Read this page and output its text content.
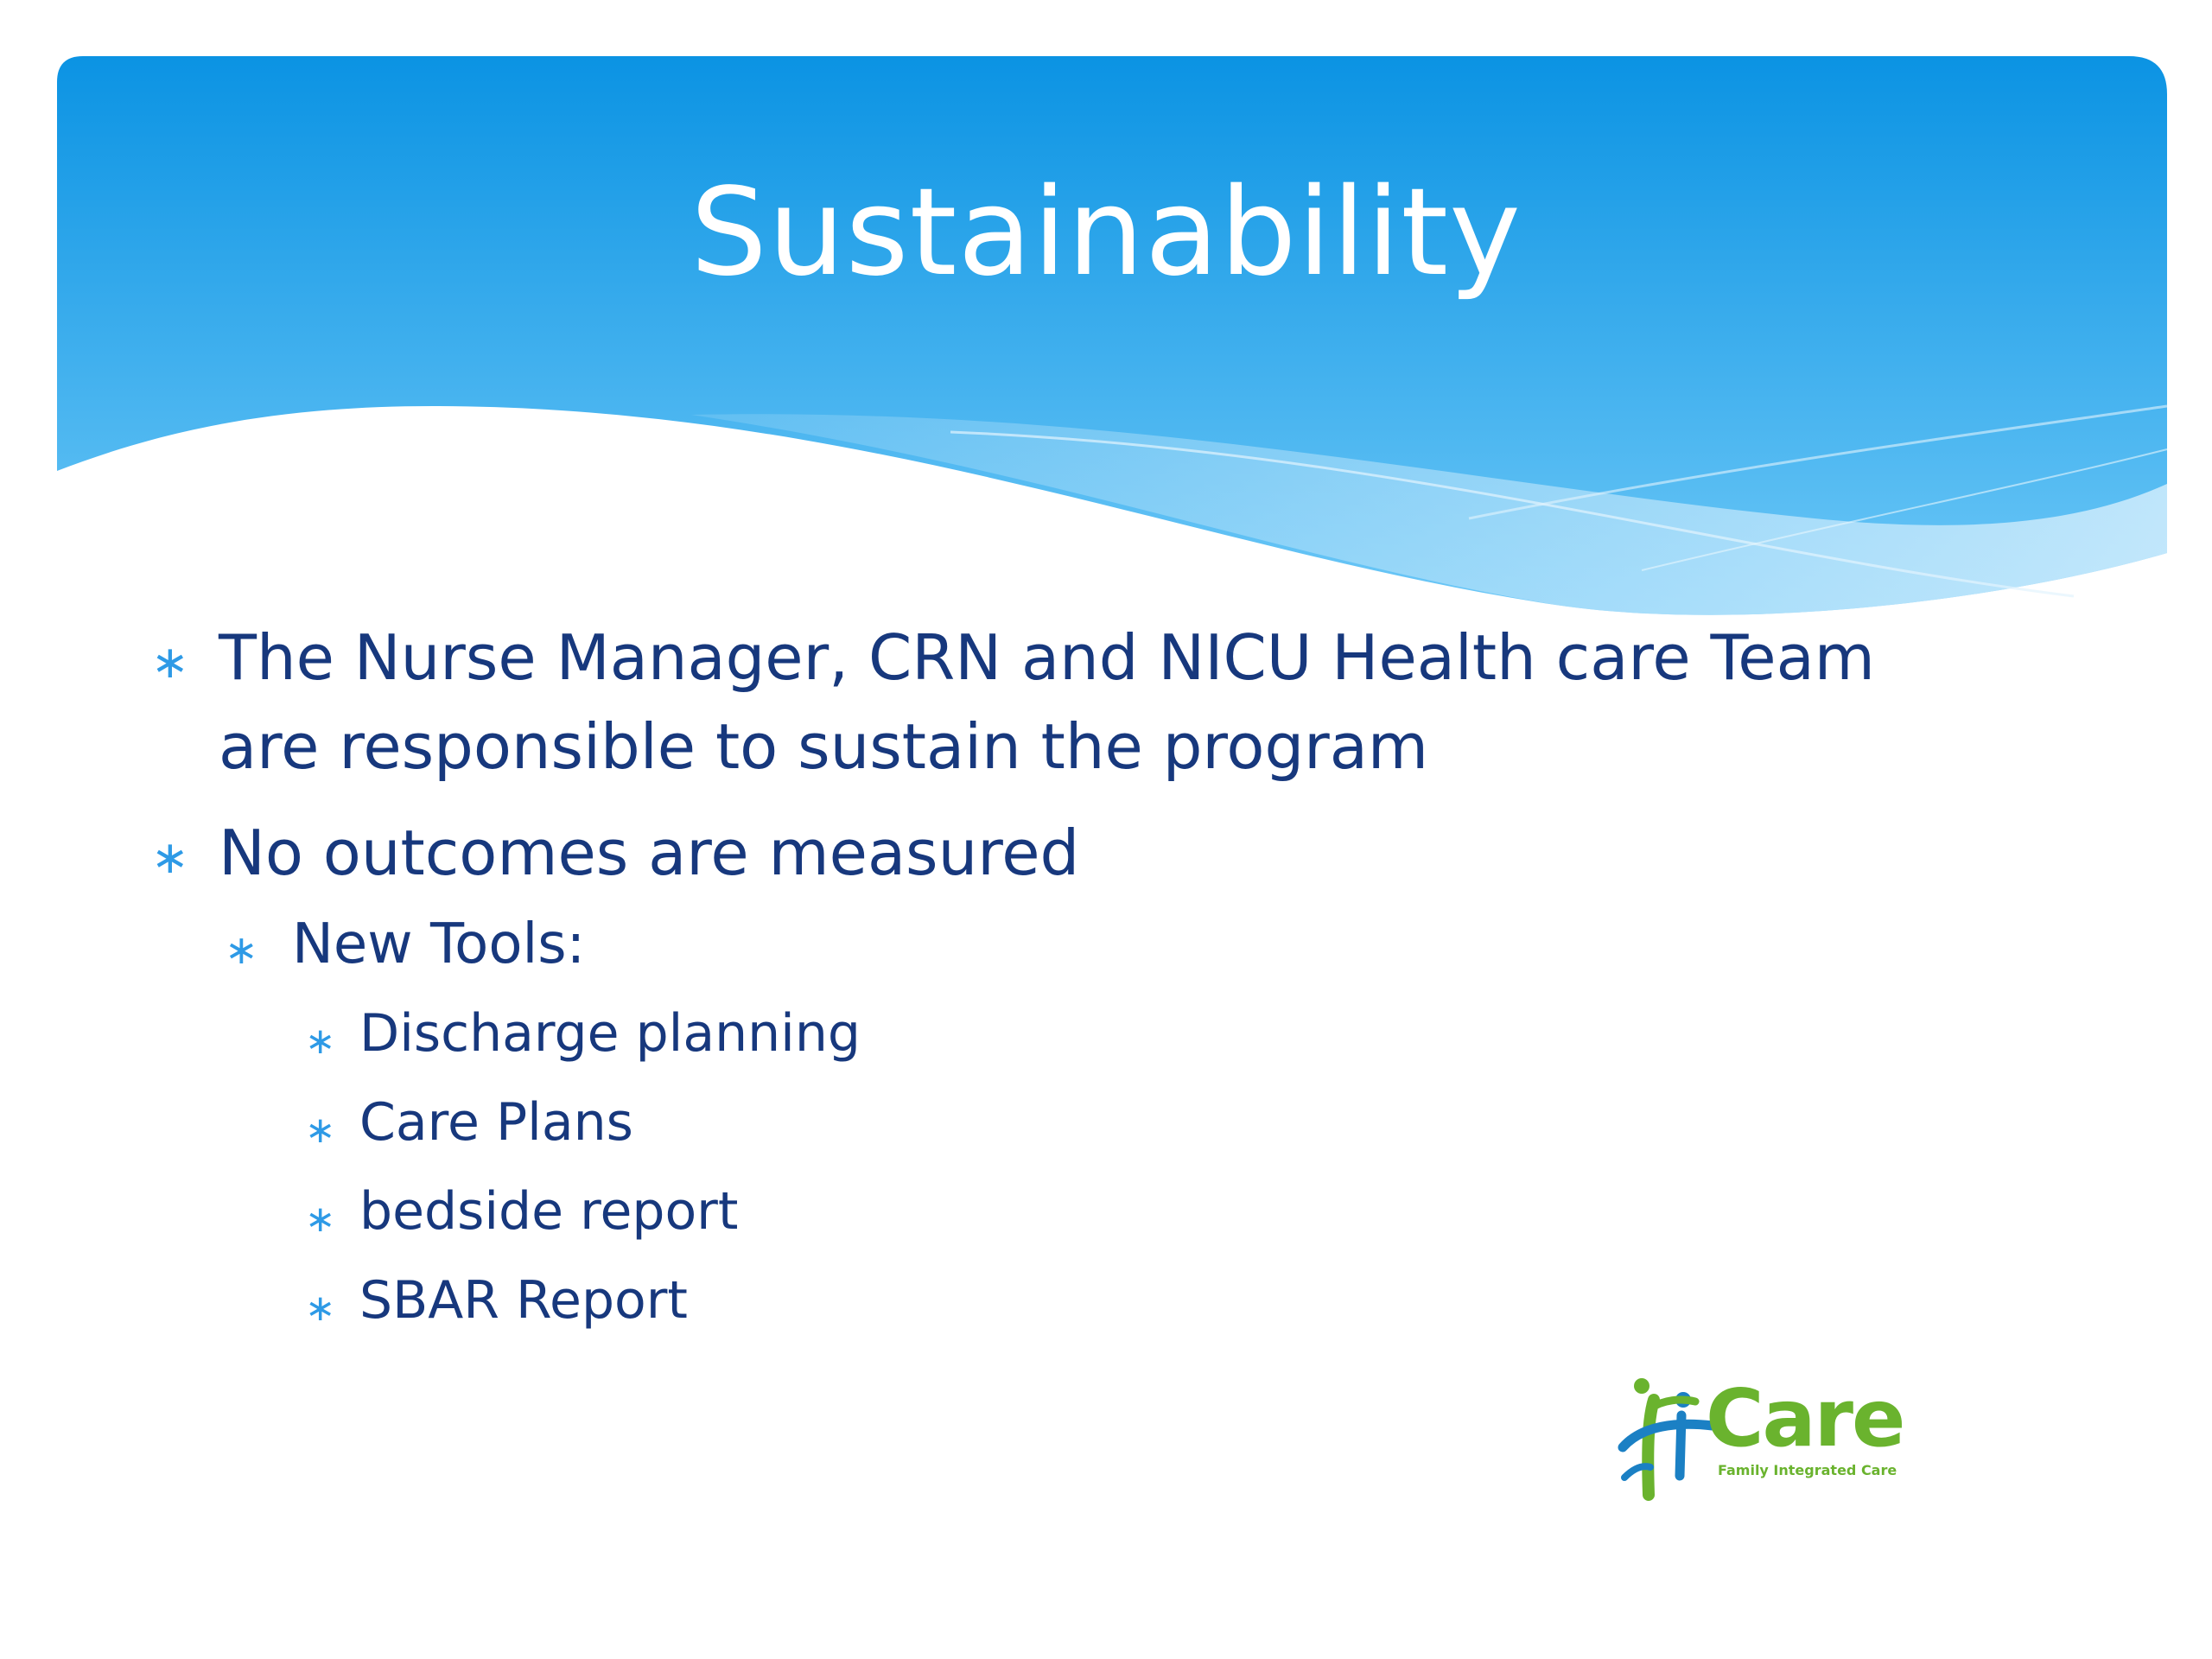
Sustainability
∗ The Nurse Manager, CRN and NICU Health care Team are responsible to sustain the program
∗ No outcomes are measured
∗ New Tools:
∗ Discharge planning
∗ Care Plans
∗ bedside report
∗ SBAR Report
Care
Family Integrated Care
